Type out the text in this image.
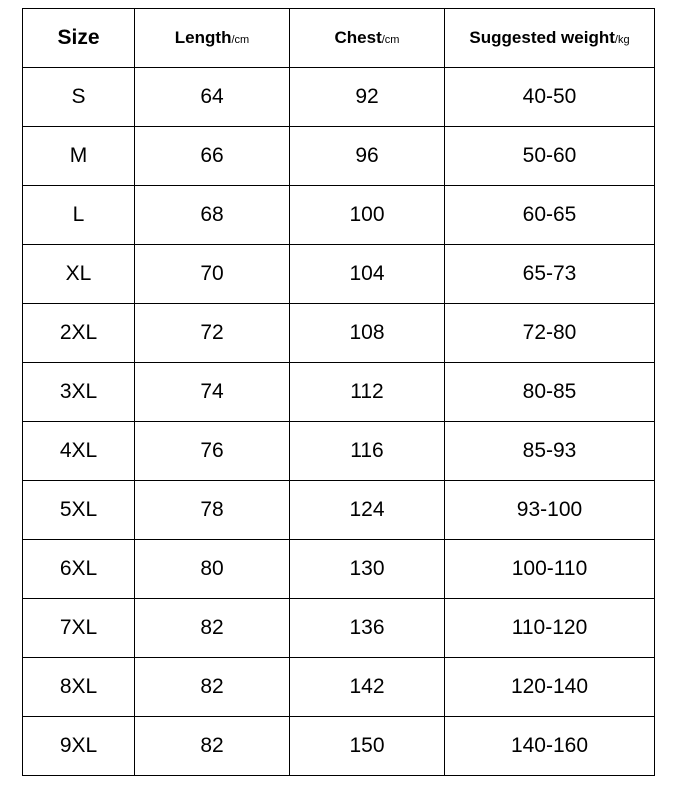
Size	Length/cm	Chest/cm	Suggested weight/kg
S	64	92	40-50
M	66	96	50-60
L	68	100	60-65
XL	70	104	65-73
2XL	72	108	72-80
3XL	74	112	80-85
4XL	76	116	85-93
5XL	78	124	93-100
6XL	80	130	100-110
7XL	82	136	110-120
8XL	82	142	120-140
9XL	82	150	140-160
